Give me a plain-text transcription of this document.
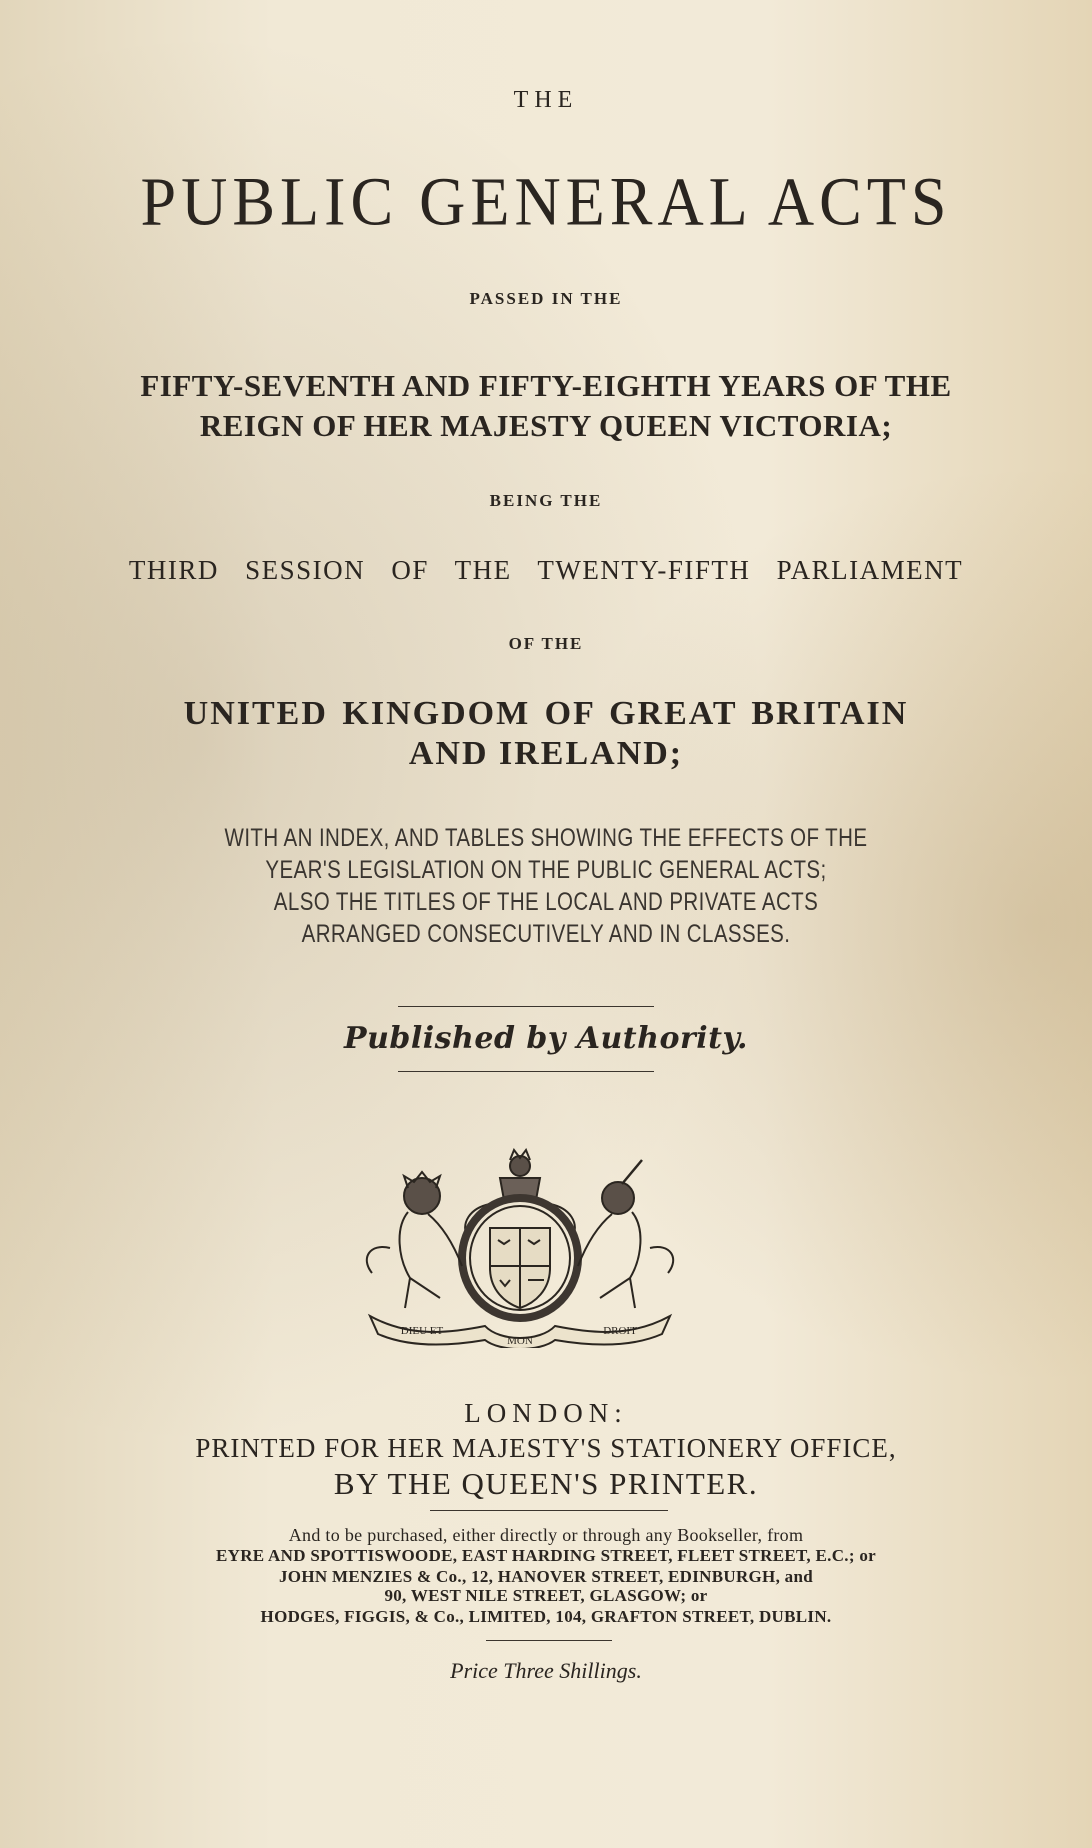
THE

PUBLIC GENERAL ACTS

PASSED IN THE

FIFTY-SEVENTH AND FIFTY-EIGHTH YEARS OF THE

REIGN OF HER MAJESTY QUEEN VICTORIA;

BEING THE

THIRD SESSION OF THE TWENTY-FIFTH PARLIAMENT

OF THE

UNITED KINGDOM OF GREAT BRITAIN

AND IRELAND;

WITH AN INDEX, AND TABLES SHOWING THE EFFECTS OF THE

YEAR'S LEGISLATION ON THE PUBLIC GENERAL ACTS;

ALSO THE TITLES OF THE LOCAL AND PRIVATE ACTS

ARRANGED CONSECUTIVELY AND IN CLASSES.

Published by Authority.

DIEU ET
MON
DROIT

LONDON:

PRINTED FOR HER MAJESTY'S STATIONERY OFFICE,

BY THE QUEEN'S PRINTER.

And to be purchased, either directly or through any Bookseller, from

EYRE AND SPOTTISWOODE, EAST HARDING STREET, FLEET STREET, E.C.; or

JOHN MENZIES & Co., 12, HANOVER STREET, EDINBURGH, and

90, WEST NILE STREET, GLASGOW; or

HODGES, FIGGIS, & Co., LIMITED, 104, GRAFTON STREET, DUBLIN.

Price Three Shillings.
